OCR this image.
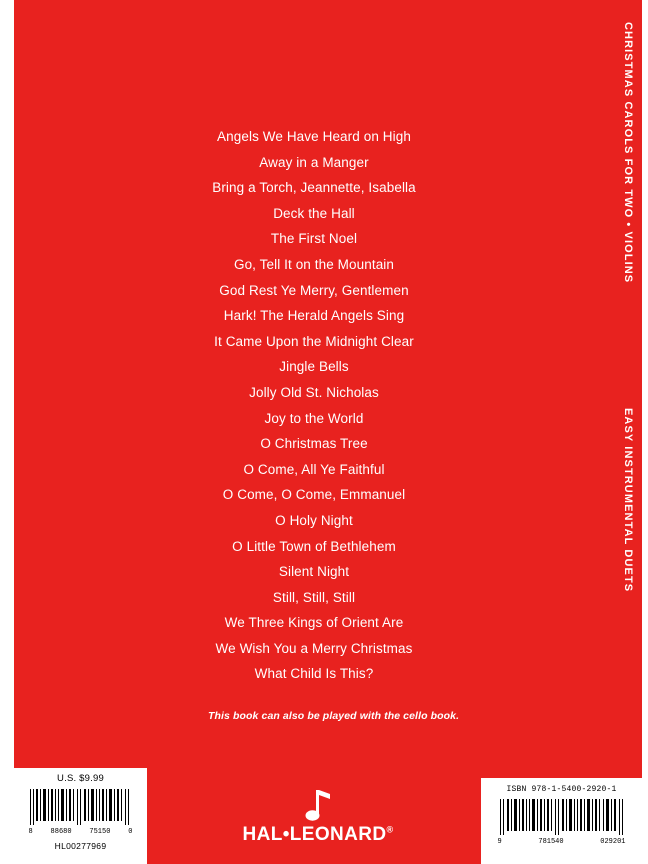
CHRISTMAS CAROLS FOR TWO • VIOLINS
EASY INSTRUMENTAL DUETS
Angels We Have Heard on High
Away in a Manger
Bring a Torch, Jeannette, Isabella
Deck the Hall
The First Noel
Go, Tell It on the Mountain
God Rest Ye Merry, Gentlemen
Hark! The Herald Angels Sing
It Came Upon the Midnight Clear
Jingle Bells
Jolly Old St. Nicholas
Joy to the World
O Christmas Tree
O Come, All Ye Faithful
O Come, O Come, Emmanuel
O Holy Night
O Little Town of Bethlehem
Silent Night
Still, Still, Still
We Three Kings of Orient Are
We Wish You a Merry Christmas
What Child Is This?
This book can also be played with the cello book.
U.S. $9.99
8	88680	75150	0
HL00277969
ISBN 978-1-5400-2920-1
9	781540	029201
HAL•LEONARD®
